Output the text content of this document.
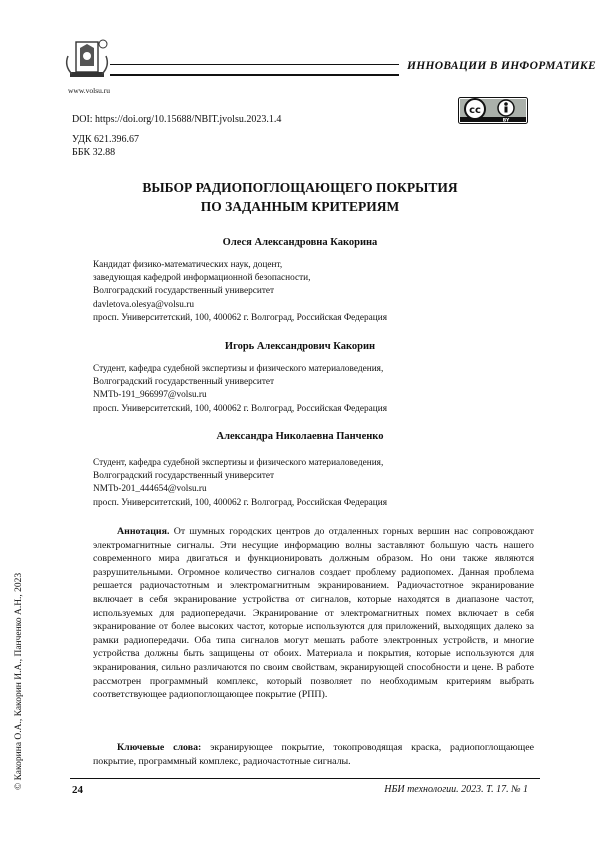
www.volsu.ru
ИННОВАЦИИ В ИНФОРМАТИКЕ
DOI: https://doi.org/10.15688/NBIT.jvolsu.2023.1.4
УДК 621.396.67
ББК 32.88
cc
BY
ВЫБОР РАДИОПОГЛОЩАЮЩЕГО ПОКРЫТИЯ
ПО ЗАДАННЫМ КРИТЕРИЯМ
Олеся Александровна Какорина
Кандидат физико-математических наук, доцент,
заведующая кафедрой информационной безопасности,
Волгоградский государственный университет
davletova.olesya@volsu.ru
просп. Университетский, 100, 400062 г. Волгоград, Российская Федерация
Игорь Александрович Какорин
Студент, кафедра судебной экспертизы и физического материаловедения,
Волгоградский государственный университет
NMTb-191_966997@volsu.ru
просп. Университетский, 100, 400062 г. Волгоград, Российская Федерация
Александра Николаевна Панченко
Студент, кафедра судебной экспертизы и физического материаловедения,
Волгоградский государственный университет
NMTb-201_444654@volsu.ru
просп. Университетский, 100, 400062 г. Волгоград, Российская Федерация
Аннотация. От шумных городских центров до отдаленных горных вершин нас сопровождают электромагнитные сигналы. Эти несущие информацию волны заставляют большую часть нашего современного мира двигаться и функционировать должным образом. Но они также являются разрушительными. Огромное количество сигналов создает проблему радиопомех. Данная проблема решается радиочастотным и электромагнитным экранированием. Радиочастотное экранирование включает в себя экранирование устройства от сигналов, которые находятся в диапазоне частот, используемых для радиопередачи. Экранирование от электромагнитных помех включает в себя экранирование от более высоких частот, которые используются для приложений, выходящих далеко за рамки радиопередачи. Оба типа сигналов могут мешать работе электронных устройств, и многие устройства должны быть защищены от обоих. Материала и покрытия, которые используются для экранирования, сильно различаются по своим свойствам, экранирующей способности и цене. В работе рассмотрен программный комплекс, который позволяет по необходимым критериям выбрать соответствующее радиопоглощающее покрытие (РПП).
Ключевые слова: экранирующее покрытие, токопроводящая краска, радиопоглощающее покрытие, программный комплекс, радиочастотные сигналы.
© Какорина О.А., Какорин И.А., Панченко А.Н., 2023	24	НБИ технологии. 2023. Т. 17. № 1
